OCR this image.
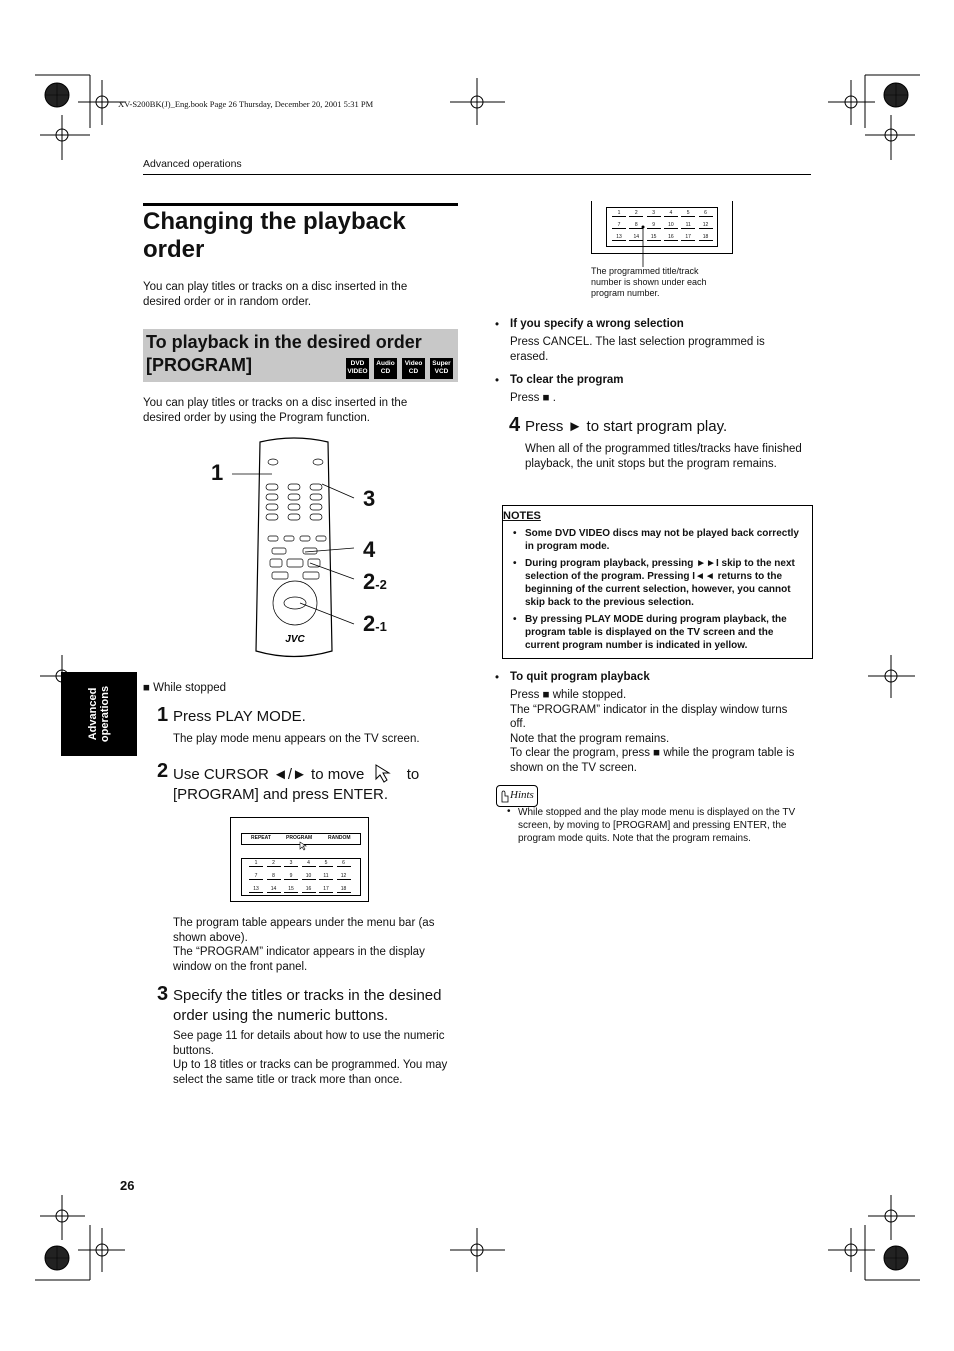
XV-S200BK(J)_Eng.book Page 26 Thursday, December 20, 2001 5:31 PM
Advanced operations
Changing the playback
order
You can play titles or tracks on a disc inserted in the desired order or in random order.
To playback in the desired order
[PROGRAM]	DVD
VIDEO
Audio
CD
Video
CD
Super
VCD
You can play titles or tracks on a disc inserted in the desired order by using the Program function.
JVC
1
3
4
2-2
2-1
■ While stopped
1 Press PLAY MODE.
The play mode menu appears on the TV screen.
2 Use CURSOR ◄/► to move	to
[PROGRAM] and press ENTER.
REPEAT	PROGRAM	RANDOM
1	2	3	4	5	6
7	8	9	10	11	12
13	14	15	16	17	18
The program table appears under the menu bar (as shown above).
The “PROGRAM” indicator appears in the display window on the front panel.
3 Specify the titles or tracks in the desined order using the numeric buttons.
See page 11 for details about how to use the numeric buttons.
Up to 18 titles or tracks can be programmed. You may select the same title or track more than once.
1	2	3	4	5	6
7	8	9	10	11	12
13	14	15	16	17	18
The programmed title/track number is shown under each program number.
• If you specify a wrong selection
Press CANCEL. The last selection programmed is erased.
• To clear the program
Press ■ .
4 Press ► to start program play.
When all of the programmed titles/tracks have finished playback, the unit stops but the program remains.
NOTES
• Some DVD VIDEO discs may not be played back correctly in program mode.
• During program playback, pressing ►►I skip to the next selection of the program. Pressing I◄◄ returns to the beginning of the current selection, however, you cannot skip back to the previous selection.
• By pressing PLAY MODE during program playback, the program table is displayed on the TV screen and the current program number is indicated in yellow.
• To quit program playback
Press ■ while stopped.
The “PROGRAM” indicator in the display window turns off.
Note that the program remains.
To clear the program, press ■ while the program table is shown on the TV screen.
Hints
• While stopped and the play mode menu is displayed on the TV screen, by moving to [PROGRAM] and pressing ENTER, the program mode quits. Note that the program remains.
Advanced operations
26
